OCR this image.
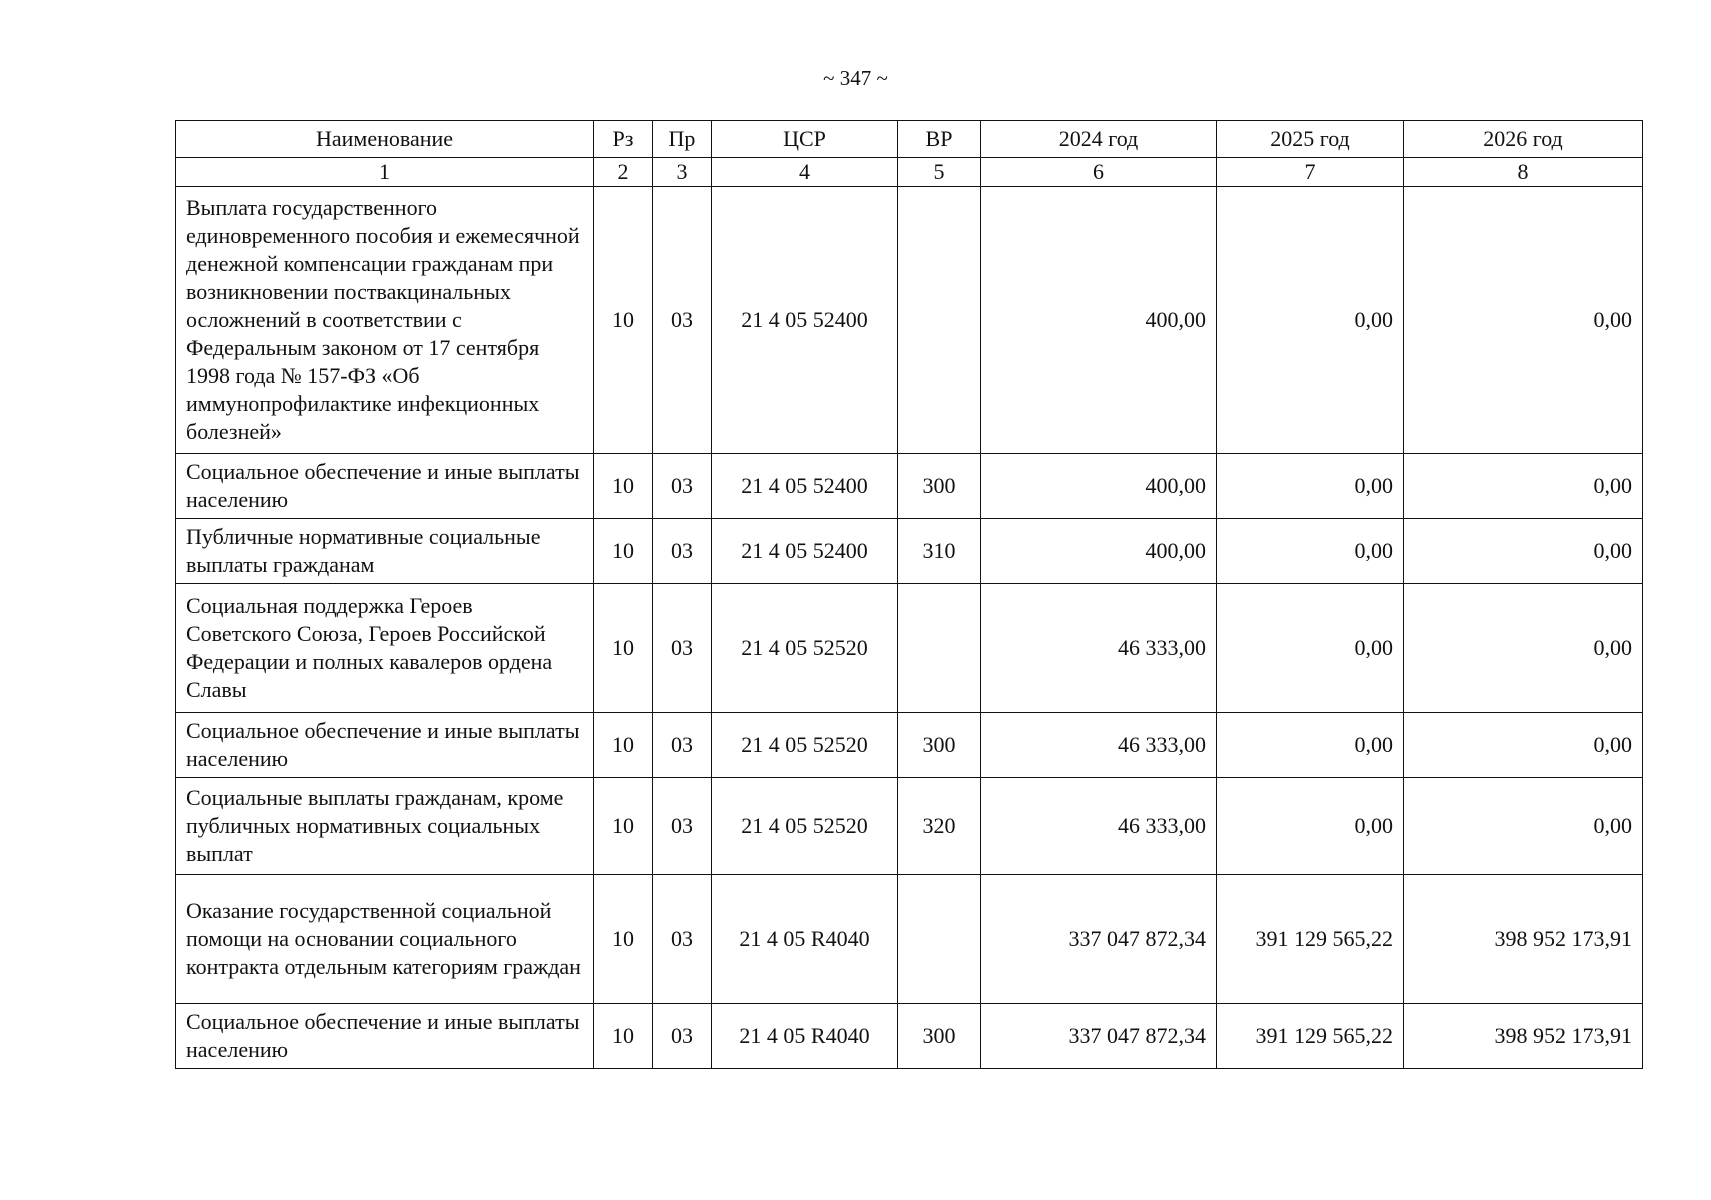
~ 347 ~
Наименование	Рз	Пр	ЦСР	ВР	2024 год	2025 год	2026 год
1	2	3	4	5	6	7	8
Выплата государственного единовременного пособия и ежемесячной денежной компенсации гражданам при возникновении поствакцинальных осложнений в соответствии с Федеральным законом от 17 сентября 1998 года № 157-ФЗ «Об иммунопрофилактике инфекционных болезней»	10	03	21 4 05 52400		400,00	0,00	0,00
Социальное обеспечение и иные выплаты населению	10	03	21 4 05 52400	300	400,00	0,00	0,00
Публичные нормативные социальные выплаты гражданам	10	03	21 4 05 52400	310	400,00	0,00	0,00
Социальная поддержка Героев Советского Союза, Героев Российской Федерации и полных кавалеров ордена Славы	10	03	21 4 05 52520		46 333,00	0,00	0,00
Социальное обеспечение и иные выплаты населению	10	03	21 4 05 52520	300	46 333,00	0,00	0,00
Социальные выплаты гражданам, кроме публичных нормативных социальных выплат	10	03	21 4 05 52520	320	46 333,00	0,00	0,00
Оказание государственной социальной помощи на основании социального контракта отдельным категориям граждан	10	03	21 4 05 R4040		337 047 872,34	391 129 565,22	398 952 173,91
Социальное обеспечение и иные выплаты населению	10	03	21 4 05 R4040	300	337 047 872,34	391 129 565,22	398 952 173,91
